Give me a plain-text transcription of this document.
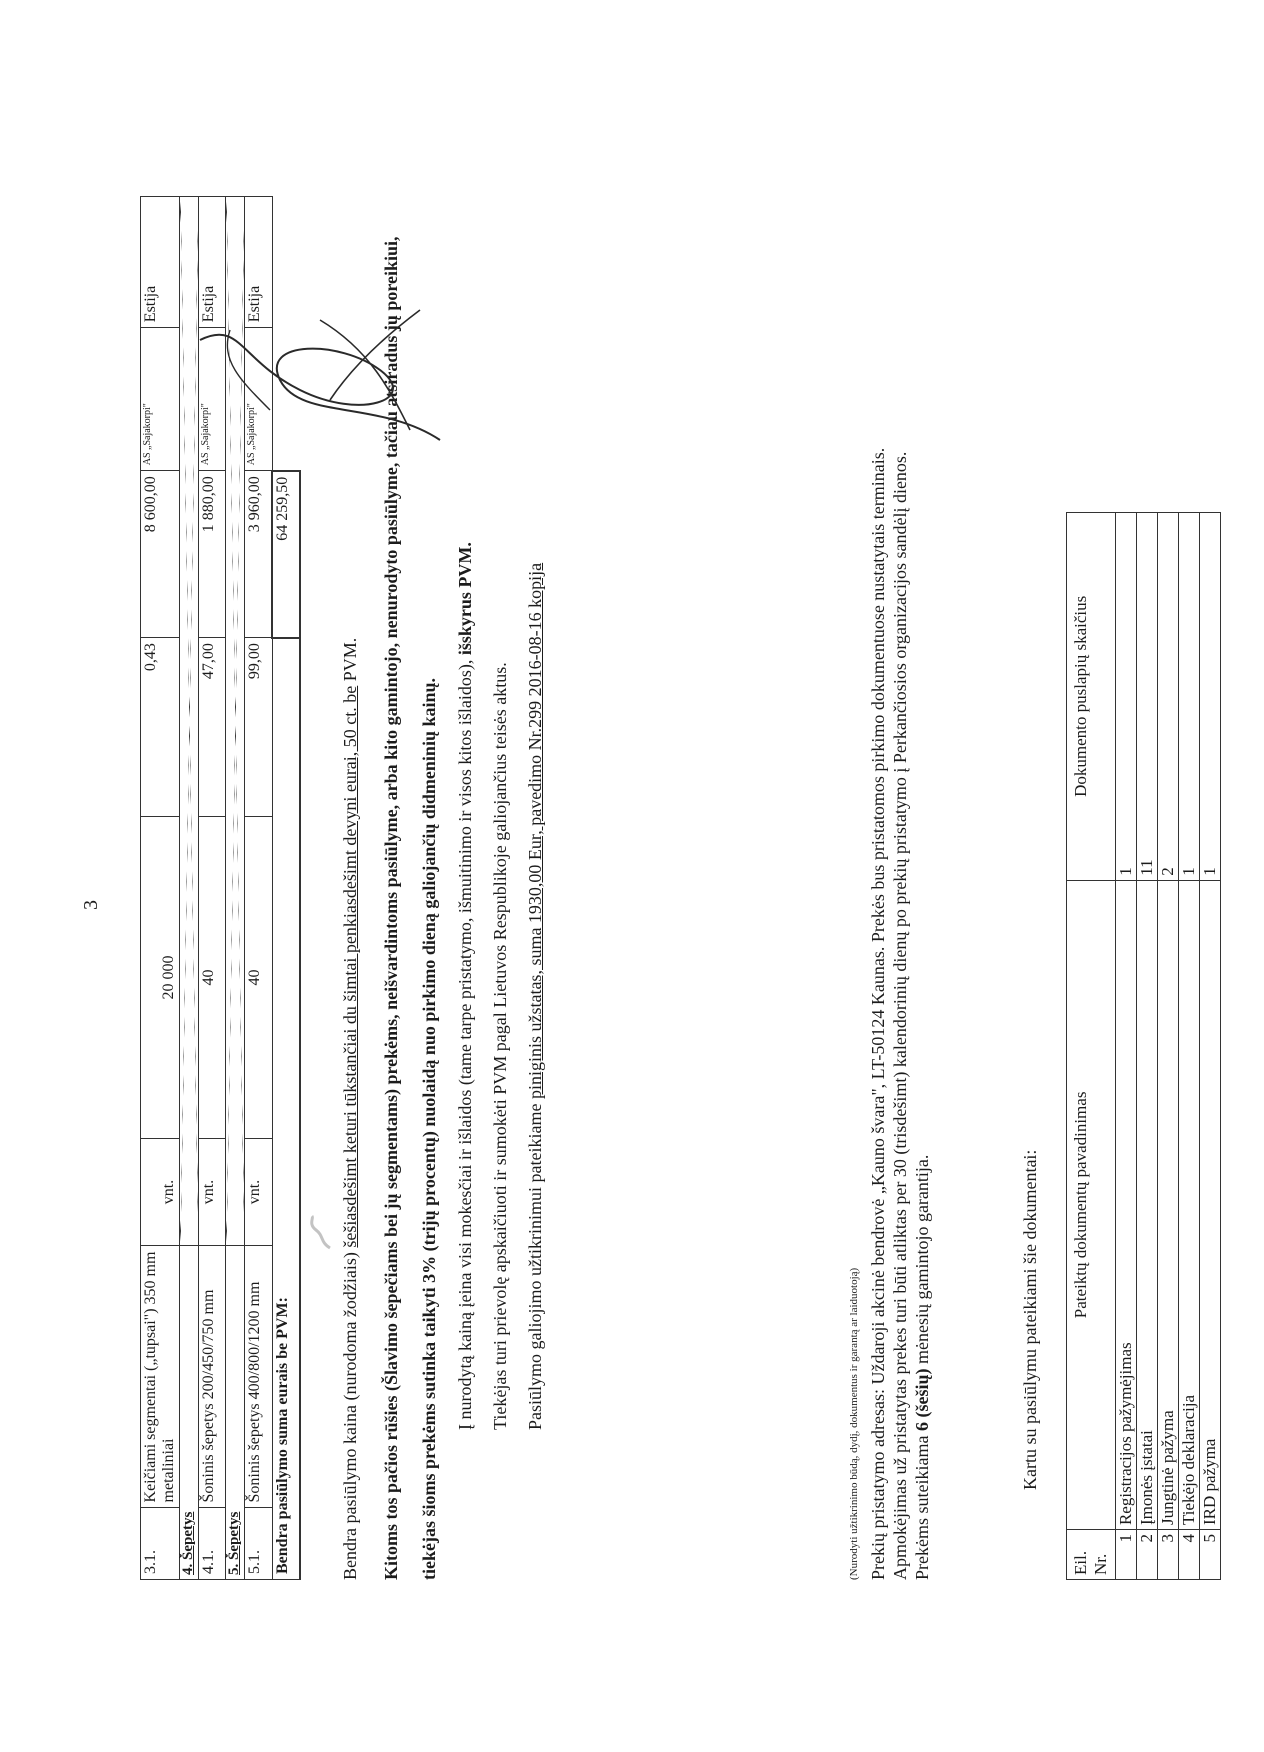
3
3.1.	Keičiami segmentai („tupsai") 350 mm metaliniai	vnt.	20 000	0,43	8 600,00	AS „Sajakorpi"	Estija
4. Šepetys							
4.1.	Šoninis šepetys 200/450/750 mm	vnt.	40	47,00	1 880,00	AS „Sajakorpi"	Estija
5. Šepetys							
5.1.	Šoninis šepetys 400/800/1200 mm	vnt.	40	99,00	3 960,00	AS „Sajakorpi"	Estija
Bendra pasiūlymo suma eurais be PVM:					64 259,50		

Bendra pasiūlymo kaina (nurodoma žodžiais) šešiasdešimt keturi tūkstančiai du šimtai penkiasdešimt devyni eurai, 50 ct. be PVM.	Kitoms tos pačios rūšies (Šlavimo šepečiams bei jų segmentams) prekėms, neišvardintoms pasiūlyme, arba kito gamintojo, nenurodyto pasiūlyme, tačiau atsiradus jų poreikiui, tiekėjas šioms prekėms sutinka taikyti 3% (trijų procentų) nuolaidą nuo pirkimo dieną galiojančių didmeninių kainų. Į nurodytą kainą įeina visi mokesčiai ir išlaidos (tame tarpe pristatymo, išmuitinimo ir visos kitos išlaidos), išskyrus PVM.

Tiekėjas turi prievolę apskaičiuoti ir sumokėti PVM pagal Lietuvos Respublikoje galiojančius teisės aktus. Pasiūlymo galiojimo užtikrinimui pateikiame piniginis užstatas, suma 1930,00 Eur, pavedimo Nr.299 2016-08-16 kopija

(Nurodyti užtikrinimo būdą, dydį, dokumentus ir garantą ar laiduotoją) Prekių pristatymo adresas: Uždaroji akcinė bendrovė „Kauno švara", LT-50124 Kaunas. Prekės bus pristatomos pirkimo dokumentuose nustatytais terminais. Apmokėjimas už pristatytas prekes turi būti atliktas per 30 (trisdešimt) kalendorinių dienų po prekių pristatymo į Perkančiosios organizacijos sandėlį dienos. Prekėms suteikiama 6 (šešių) mėnesių gamintojo garantija.	Kartu su pasiūlymu pateikiami šie dokumentai:
Eil. Nr.	Pateiktų dokumentų pavadinimas	Dokumento puslapių skaičius
1	Registracijos pažymėjimas	1
2	Įmonės įstatai	11
3	Jungtinė pažyma	2
4	Tiekėjo deklaracija	1
5	IRD pažyma	1
